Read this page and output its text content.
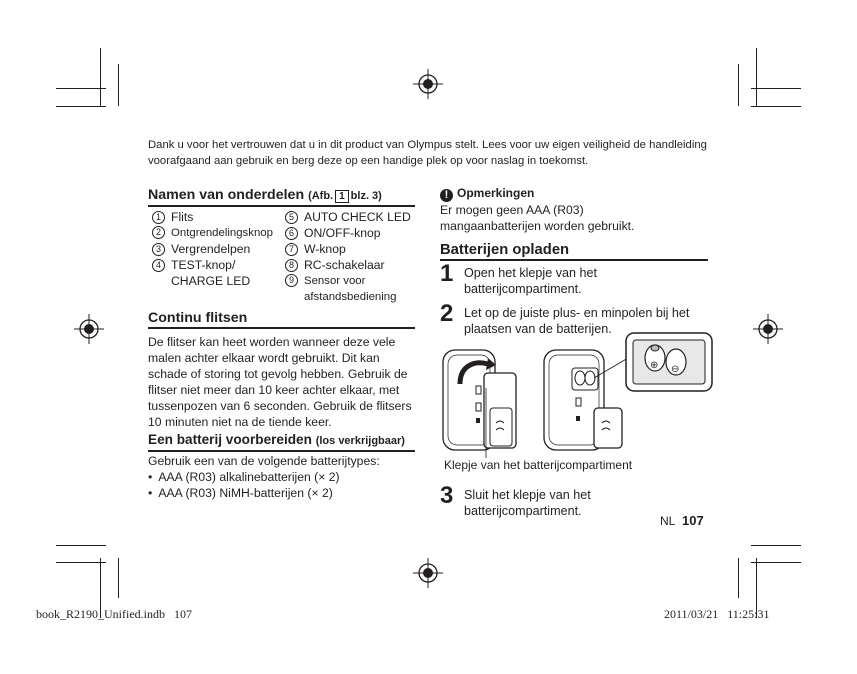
Dank u voor het vertrouwen dat u in dit product van Olympus stelt. Lees voor uw eigen veiligheid de handleiding voorafgaand aan gebruik en berg deze op een handige plek op voor naslag in toekomst.
Namen van onderdelen (Afb. 1 blz. 3)
1 Flits
2 Ontgrendelingsknop
3 Vergrendelpen
4 TEST-knop/
CHARGE LED
5 AUTO CHECK LED
6 ON/OFF-knop
7 W-knop
8 RC-schakelaar
9 Sensor voor
afstandsbediening
Continu flitsen
De flitser kan heet worden wanneer deze vele malen achter elkaar wordt gebruikt. Dit kan schade of storing tot gevolg hebben. Gebruik de flitser niet meer dan 10 keer achter elkaar, met tussenpozen van 6 seconden. Gebruik de flitsers 10 minuten niet na de tiende keer.
Een batterij voorbereiden (los verkrijgbaar)
Gebruik een van de volgende batterijtypes:
•  AAA (R03) alkalinebatterijen (× 2)
•  AAA (R03) NiMH-batterijen (× 2)
! Opmerkingen
Er mogen geen AAA (R03) mangaanbatterijen worden gebruikt.
Batterijen opladen
1 Open het klepje van het batterijcompartiment.
2 Let op de juiste plus- en minpolen bij het plaatsen van de batterijen.
⊕ ⊖
Klepje van het batterijcompartiment
3 Sluit het klepje van het batterijcompartiment.
NL 107
book_R2190_Unified.indb   107	2011/03/21   11:25:31
